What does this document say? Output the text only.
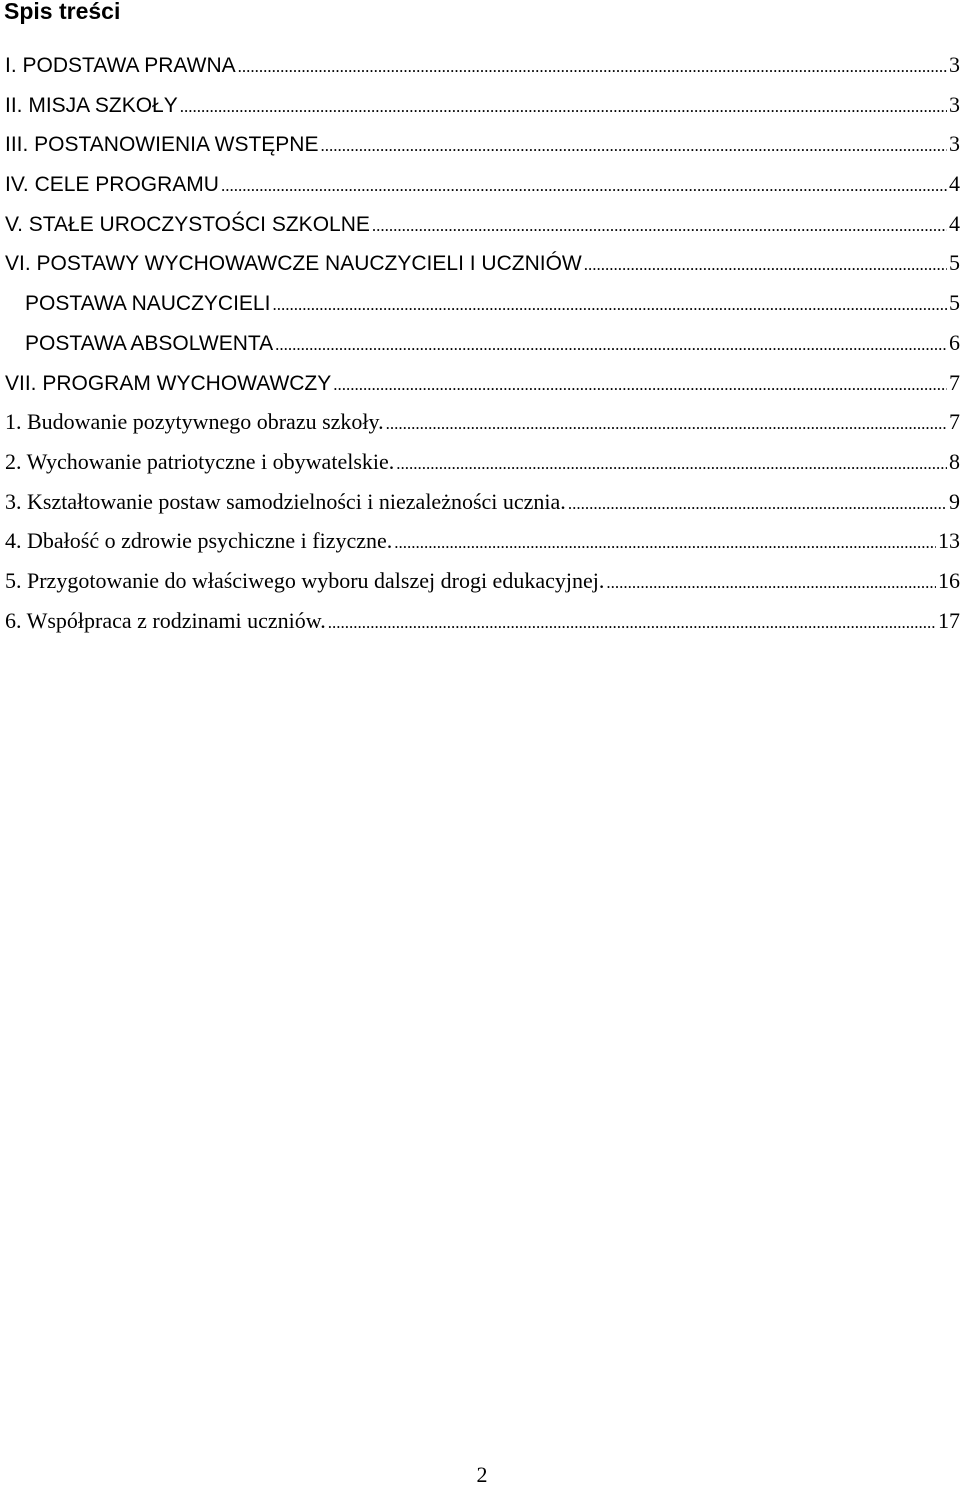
Spis treści
I. PODSTAWA PRAWNA .....	3
II. MISJA SZKOŁY .....	3
III. POSTANOWIENIA WSTĘPNE .....	3
IV. CELE PROGRAMU .....	4
V. STAŁE UROCZYSTOŚCI SZKOLNE .....	4
VI. POSTAWY WYCHOWAWCZE NAUCZYCIELI I UCZNIÓW .....	5
POSTAWA NAUCZYCIELI .....	5
POSTAWA ABSOLWENTA .....	6
VII. PROGRAM WYCHOWAWCZY .....	7
1. Budowanie pozytywnego obrazu szkoły. .....	7
2. Wychowanie patriotyczne i obywatelskie. .....	8
3. Kształtowanie postaw samodzielności i niezależności ucznia. .....	9
4. Dbałość o zdrowie psychiczne i fizyczne. .....	13
5. Przygotowanie do właściwego wyboru dalszej drogi edukacyjnej. .....	16
6. Współpraca z rodzinami uczniów. .....	17
2
